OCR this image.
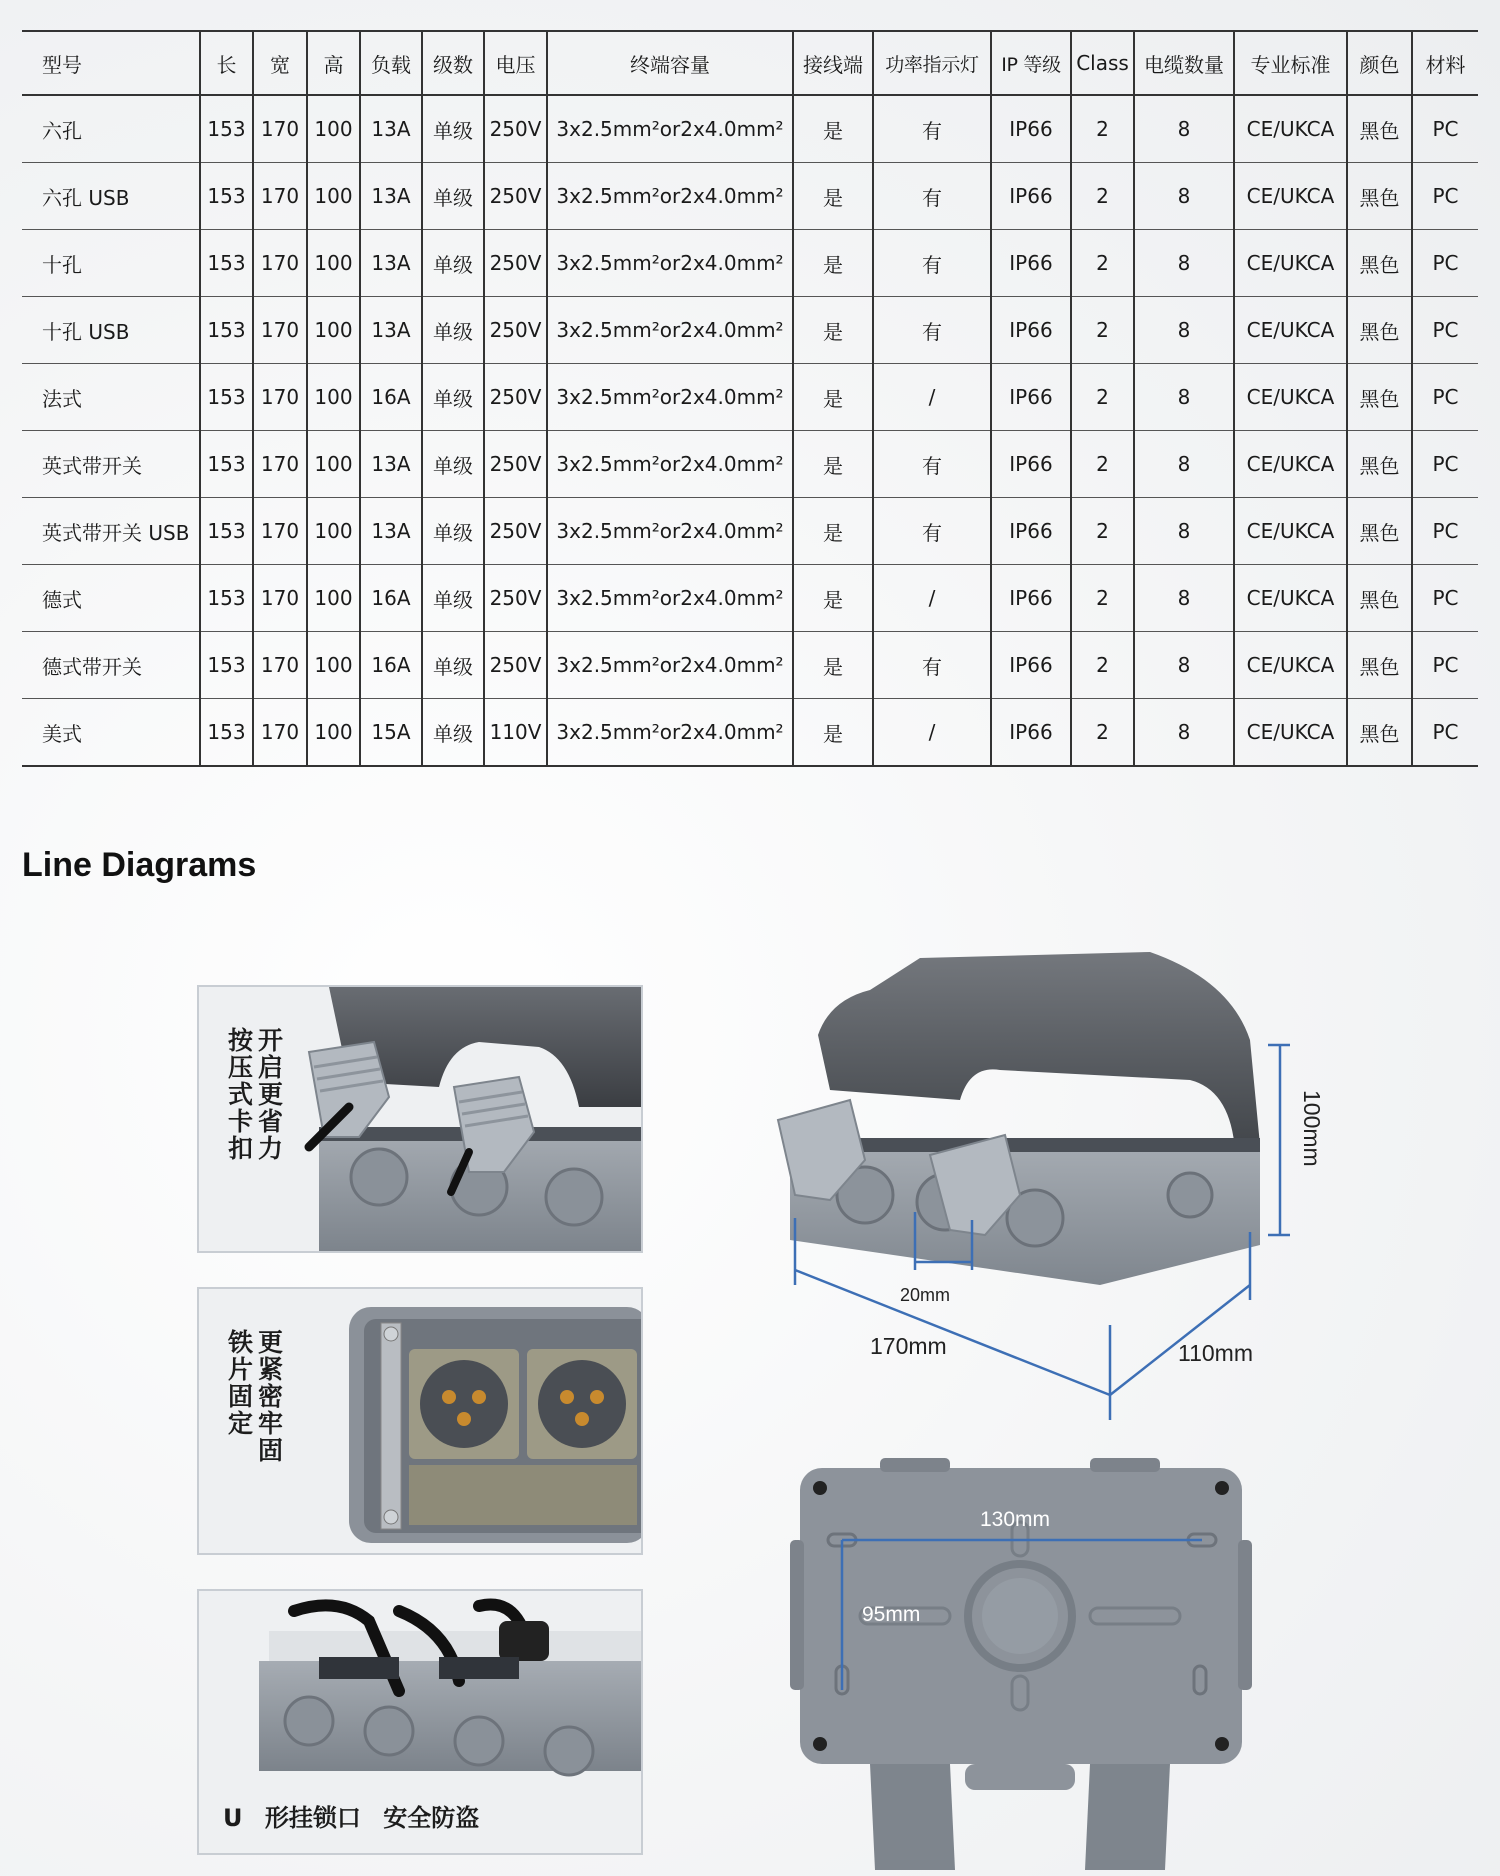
型号	长	宽	高	负载	级数	电压	终端容量	接线端	功率指示灯	IP 等级	Class	电缆数量	专业标准	颜色	材料
六孔	153	170	100	13A	单级	250V	3x2.5mm²or2x4.0mm²	是	有	IP66	2	8	CE/UKCA	黑色	PC
六孔 USB	153	170	100	13A	单级	250V	3x2.5mm²or2x4.0mm²	是	有	IP66	2	8	CE/UKCA	黑色	PC
十孔	153	170	100	13A	单级	250V	3x2.5mm²or2x4.0mm²	是	有	IP66	2	8	CE/UKCA	黑色	PC
十孔 USB	153	170	100	13A	单级	250V	3x2.5mm²or2x4.0mm²	是	有	IP66	2	8	CE/UKCA	黑色	PC
法式	153	170	100	16A	单级	250V	3x2.5mm²or2x4.0mm²	是	/	IP66	2	8	CE/UKCA	黑色	PC
英式带开关	153	170	100	13A	单级	250V	3x2.5mm²or2x4.0mm²	是	有	IP66	2	8	CE/UKCA	黑色	PC
英式带开关 USB	153	170	100	13A	单级	250V	3x2.5mm²or2x4.0mm²	是	有	IP66	2	8	CE/UKCA	黑色	PC
德式	153	170	100	16A	单级	250V	3x2.5mm²or2x4.0mm²	是	/	IP66	2	8	CE/UKCA	黑色	PC
德式带开关	153	170	100	16A	单级	250V	3x2.5mm²or2x4.0mm²	是	有	IP66	2	8	CE/UKCA	黑色	PC
美式	153	170	100	15A	单级	110V	3x2.5mm²or2x4.0mm²	是	/	IP66	2	8	CE/UKCA	黑色	PC
Line Diagrams
按
压
式
卡
扣
开
启
更
省
力
铁
片
固
定
更
紧
密
牢
固
U 形挂锁口 安全防盗
100mm
20mm
170mm	110mm
130mm
95mm
